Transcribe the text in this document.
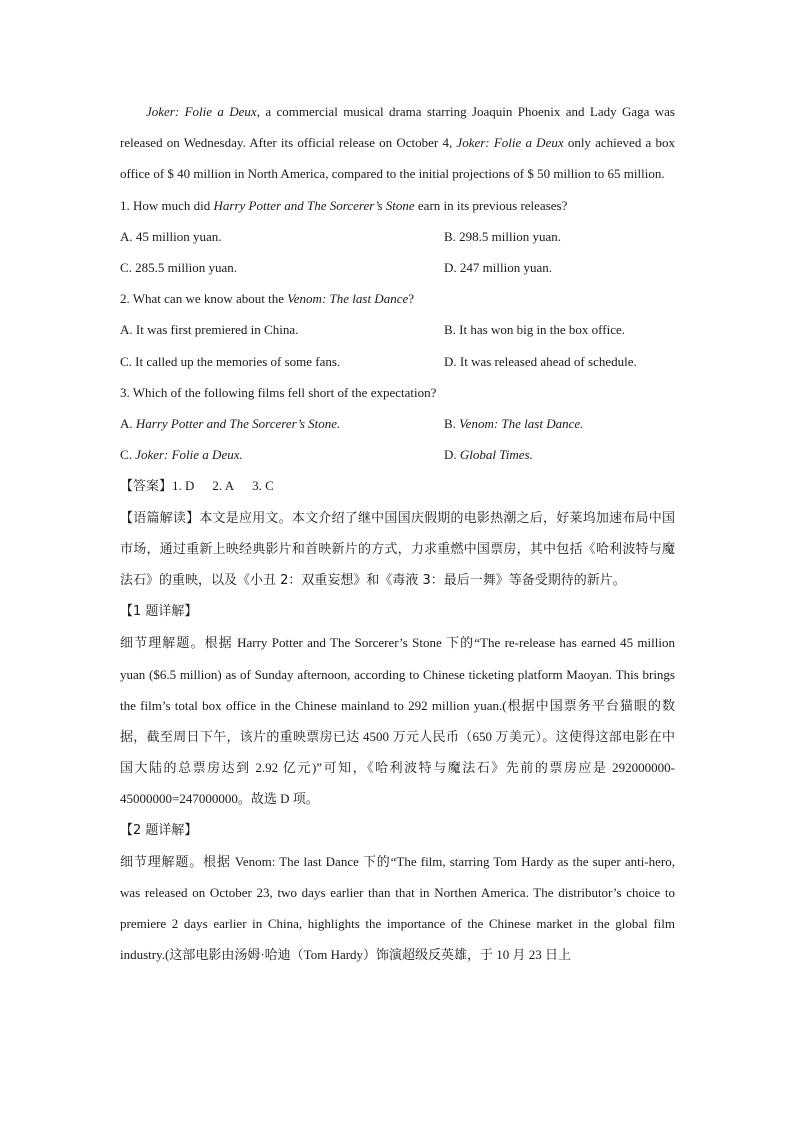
Joker: Folie a Deux, a commercial musical drama starring Joaquin Phoenix and Lady Gaga was released on Wednesday. After its official release on October 4, Joker: Folie a Deux only achieved a box office of $ 40 million in North America, compared to the initial projections of $ 50 million to 65 million.

1. How much did Harry Potter and The Sorcerer’s Stone earn in its previous releases?

A. 45 million yuan.	B. 298.5 million yuan.
C. 285.5 million yuan.	D. 247 million yuan.

2. What can we know about the Venom: The last Dance?

A. It was first premiered in China.	B. It has won big in the box office.
C. It called up the memories of some fans.	D. It was released ahead of schedule.

3. Which of the following films fell short of the expectation?

A. Harry Potter and The Sorcerer’s Stone.	B. Venom: The last Dance.
C. Joker: Folie a Deux.	D. Global Times.

【答案】1. D 2. A 3. C

【语篇解读】本文是应用文。本文介绍了继中国国庆假期的电影热潮之后，好莱坞加速布局中国市场，通过重新上映经典影片和首映新片的方式，力求重燃中国票房，其中包括《哈利波特与魔法石》的重映，以及《小丑 2：双重妄想》和《毒液 3：最后一舞》等备受期待的新片。

【1 题详解】

细节理解题。根据 Harry Potter and The Sorcerer’s Stone 下的“The re-release has earned 45 million yuan ($6.5 million) as of Sunday afternoon, according to Chinese ticketing platform Maoyan. This brings the film’s total box office in the Chinese mainland to 292 million yuan.(根据中国票务平台猫眼的数据，截至周日下午，该片的重映票房已达 4500 万元人民币（650 万美元）。这使得这部电影在中国大陆的总票房达到 2.92 亿元)”可知，《哈利波特与魔法石》先前的票房应是 292000000-45000000=247000000。故选 D 项。

【2 题详解】

细节理解题。根据 Venom: The last Dance 下的“The film, starring Tom Hardy as the super anti-hero, was released on October 23, two days earlier than that in Northen America. The distributor’s choice to premiere 2 days earlier in China, highlights the importance of the Chinese market in the global film industry.(这部电影由汤姆·哈迪（Tom Hardy）饰演超级反英雄，于 10 月 23 日上
